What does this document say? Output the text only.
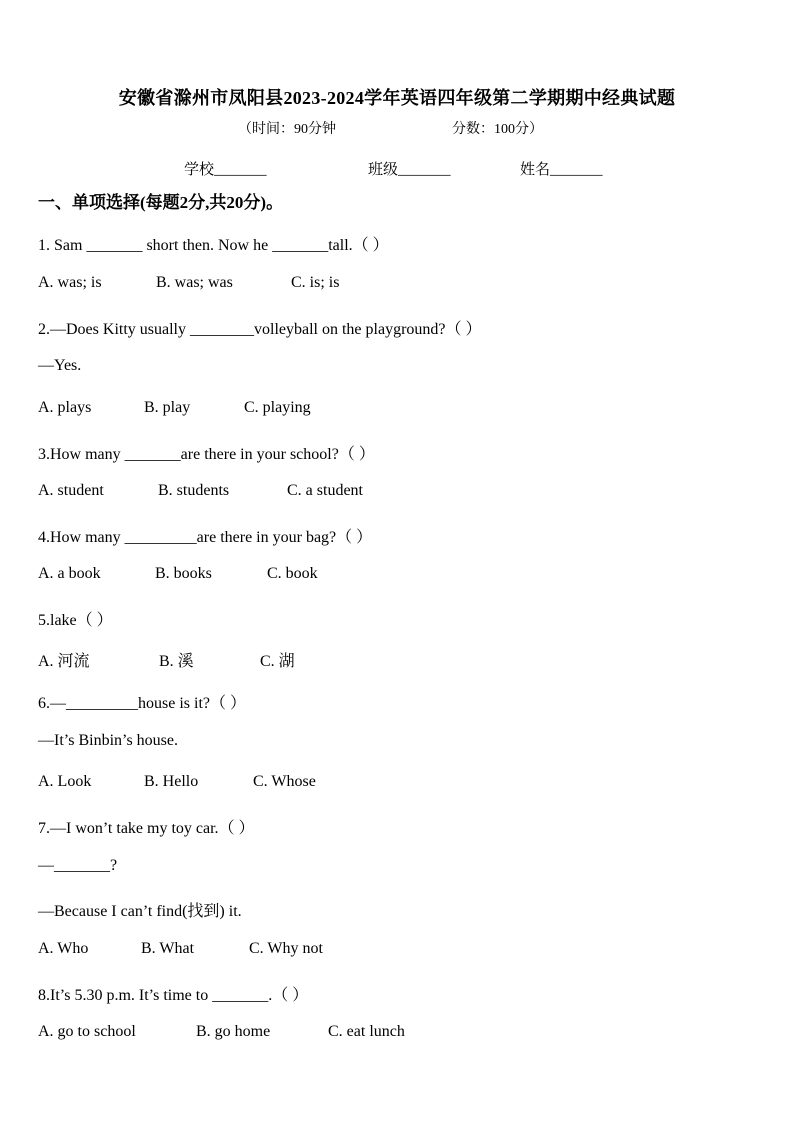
安徽省滁州市凤阳县2023-2024学年英语四年级第二学期期中经典试题
（时间：90分钟	分数：100分）
学校_______	班级_______	姓名_______
一、单项选择(每题2分,共20分)。
1. Sam _______ short then. Now he _______tall.（ ）
A. was; is	B. was; was	C. is; is
2.—Does Kitty usually ________volleyball on the playground?（ ）
—Yes.
A. plays	B. play	C. playing
3.How many _______are there in your school?（ ）
A. student	B. students	C. a student
4.How many _________are there in your bag?（ ）
A. a book	B. books	C. book
5.lake（ ）
A. 河流	B. 溪	C. 湖
6.—_________house is it?（ ）
—It’s Binbin’s house.
A. Look	B. Hello	C. Whose
7.—I won’t take my toy car.（ ）
—_______?
—Because I can’t find(找到) it.
A. Who	B. What	C. Why not
8.It’s 5.30 p.m. It’s time to _______.（ ）
A. go to school	B. go home	C. eat lunch
